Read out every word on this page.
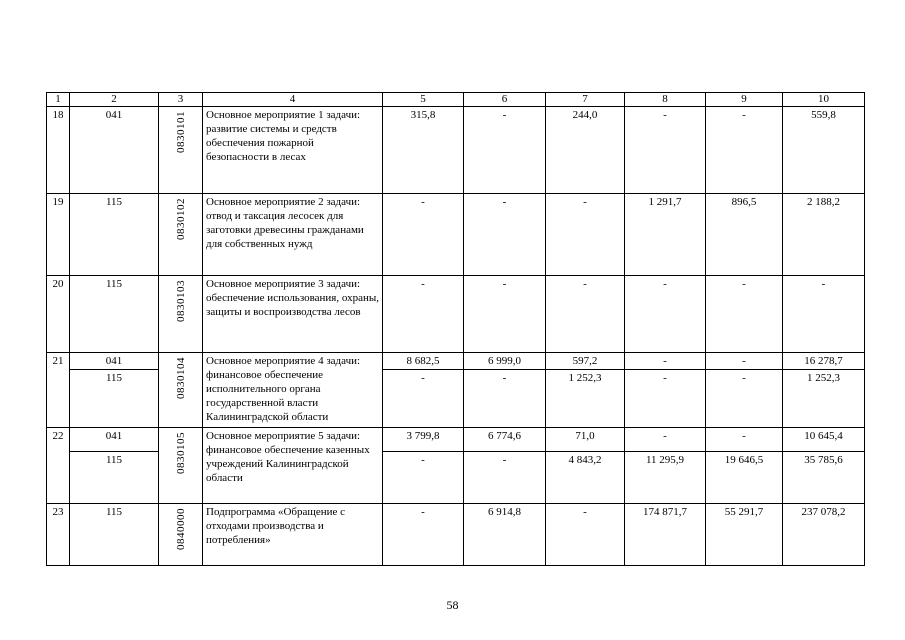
1	2	3	4	5	6	7	8	9	10
18	041	0830101	Основное мероприятие 1 задачи: развитие системы и средств обеспечения пожарной безопасности в лесах	315,8	-	244,0	-	-	559,8
19	115	0830102	Основное мероприятие 2 задачи: отвод и таксация лесосек для заготовки древесины гражданами для собственных нужд	-	-	-	1 291,7	896,5	2 188,2
20	115	0830103	Основное мероприятие 3 задачи: обеспечение использования, охраны, защиты и воспроизводства лесов	-	-	-	-	-	-
21	041	0830104	Основное мероприятие 4 задачи: финансовое обеспечение исполнительного органа государственной власти Калининградской области	8 682,5	6 999,0	597,2	-	-	16 278,7
	115			-	-	1 252,3	-	-	1 252,3
22	041	0830105	Основное мероприятие 5 задачи: финансовое обеспечение казенных учреждений Калининградской области	3 799,8	6 774,6	71,0	-	-	10 645,4
	115			-	-	4 843,2	11 295,9	19 646,5	35 785,6
23	115	0840000	Подпрограмма «Обращение с отходами производства и потребления»	-	6 914,8	-	174 871,7	55 291,7	237 078,2
58
